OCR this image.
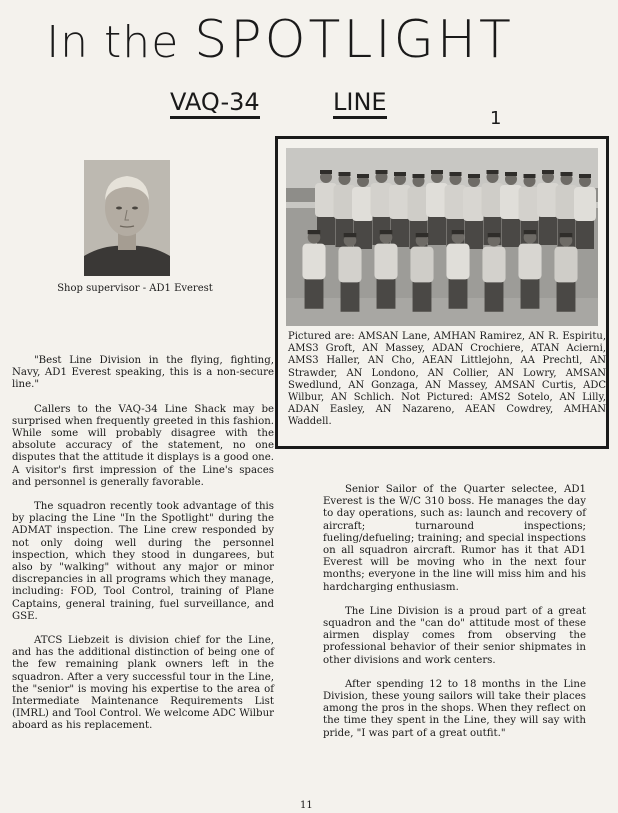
In the SPOTLIGHT
VAQ-34	LINE
1
Shop supervisor - AD1 Everest

Pictured are: AMSAN Lane, AMHAN Ramirez, AN R. Espiritu, AMS3 Groft, AN Massey, ADAN Crochiere, ATAN Acierni, AMS3 Haller, AN Cho, AEAN Littlejohn, AA Prechtl, AN Strawder, AN Londono, AN Collier, AN Lowry, AMSAN Swedlund, AN Gonzaga, AN Massey, AMSAN Curtis, ADC Wilbur, AN Schlich. Not Pictured: AMS2 Sotelo, AN Lilly, ADAN Easley, AN Nazareno, AEAN Cowdrey, AMHAN Waddell.

"Best Line Division in the flying, fighting, Navy, AD1 Everest speaking, this is a non-secure line."

Callers to the VAQ-34 Line Shack may be surprised when frequently greeted in this fashion. While some will probably disagree with the absolute accuracy of the statement, no one disputes that the attitude it displays is a good one. A visitor's first impression of the Line's spaces and personnel is generally favorable.

The squadron recently took advantage of this by placing the Line "In the Spotlight" during the ADMAT inspection. The Line crew responded by not only doing well during the personnel inspection, which they stood in dungarees, but also by "walking" without any major or minor discrepancies in all programs which they manage, including: FOD, Tool Control, training of Plane Captains, general training, fuel surveillance, and GSE.

ATCS Liebzeit is division chief for the Line, and has the additional distinction of being one of the few remaining plank owners left in the squadron. After a very successful tour in the Line, the "senior" is moving his expertise to the area of Intermediate Maintenance Requirements List (IMRL) and Tool Control. We welcome ADC Wilbur aboard as his replacement.

Senior Sailor of the Quarter selectee, AD1 Everest is the W/C 310 boss. He manages the day to day operations, such as: launch and recovery of aircraft; turnaround inspections; fueling/defueling; training; and special inspections on all squadron aircraft. Rumor has it that AD1 Everest will be moving who in the next four months; everyone in the line will miss him and his hardcharging enthusiasm.

The Line Division is a proud part of a great squadron and the "can do" attitude most of these airmen display comes from observing the professional behavior of their senior shipmates in other divisions and work centers.

After spending 12 to 18 months in the Line Division, these young sailors will take their places among the pros in the shops. When they reflect on the time they spent in the Line, they will say with pride, "I was part of a great outfit."

11
